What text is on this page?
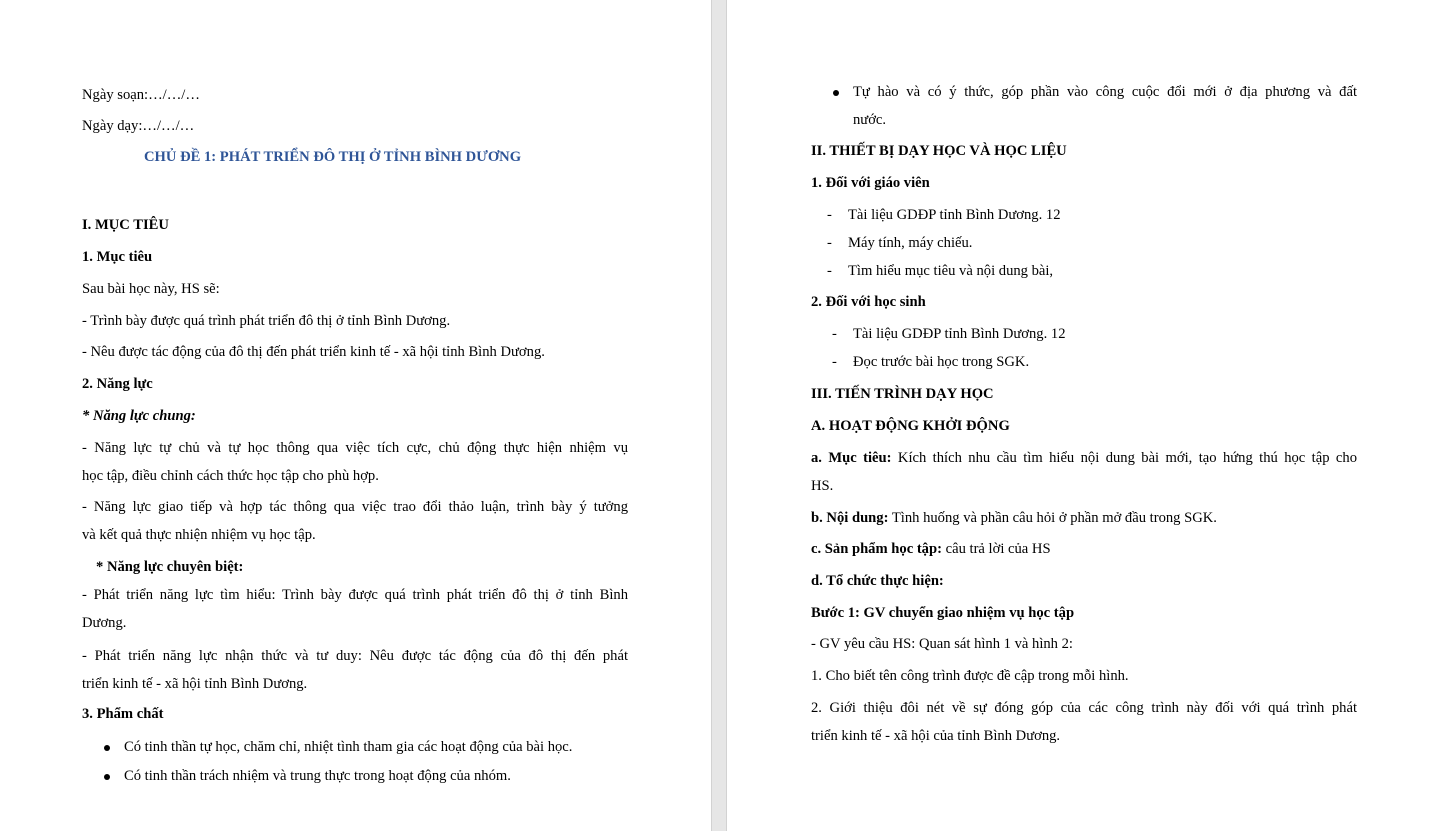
Ngày soạn:…/…/…
Ngày dạy:…/…/…
CHỦ ĐỀ 1: PHÁT TRIỂN ĐÔ THỊ Ở TỈNH BÌNH DƯƠNG
I. MỤC TIÊU
1. Mục tiêu
Sau bài học này, HS sẽ:
- Trình bày được quá trình phát triển đô thị ở tỉnh Bình Dương.
- Nêu được tác động của đô thị đến phát triển kinh tế - xã hội tỉnh Bình Dương.
2. Năng lực
* Năng lực chung:
- Năng lực tự chủ và tự học thông qua việc tích cực, chủ động thực hiện nhiệm vụ
học tập, điều chỉnh cách thức học tập cho phù hợp.
- Năng lực giao tiếp và hợp tác thông qua việc trao đổi thảo luận, trình bày ý tưởng
và kết quả thực nhiện nhiệm vụ học tập.
* Năng lực chuyên biệt:
- Phát triển năng lực tìm hiểu: Trình bày được quá trình phát triển đô thị ở tỉnh Bình
Dương.
- Phát triển năng lực nhận thức và tư duy: Nêu được tác động của đô thị đến phát
triển kinh tế - xã hội tỉnh Bình Dương.
3. Phẩm chất
Có tinh thần tự học, chăm chỉ, nhiệt tình tham gia các hoạt động của bài học.
Có tinh thần trách nhiệm và trung thực trong hoạt động của nhóm.
Tự hào và có ý thức, góp phần vào công cuộc đổi mới ở địa phương và đất
nước.
II. THIẾT BỊ DẠY HỌC VÀ HỌC LIỆU
1. Đối với giáo viên
- Tài liệu GDĐP tỉnh Bình Dương. 12
- Máy tính, máy chiếu.
- Tìm hiểu mục tiêu và nội dung bài,
2. Đối với học sinh
- Tài liệu GDĐP tỉnh Bình Dương. 12
- Đọc trước bài học trong SGK.
III. TIẾN TRÌNH DẠY HỌC
A. HOẠT ĐỘNG KHỞI ĐỘNG
a. Mục tiêu: Kích thích nhu cầu tìm hiểu nội dung bài mới, tạo hứng thú học tập cho
HS.
b. Nội dung: Tình huống và phần câu hỏi ở phần mở đầu trong SGK.
c. Sản phẩm học tập: câu trả lời của HS
d. Tổ chức thực hiện:
Bước 1: GV chuyển giao nhiệm vụ học tập
- GV yêu cầu HS: Quan sát hình 1 và hình 2:
1. Cho biết tên công trình được đề cập trong mỗi hình.
2. Giới thiệu đôi nét về sự đóng góp của các công trình này đối với quá trình phát
triển kinh tế - xã hội của tỉnh Bình Dương.
